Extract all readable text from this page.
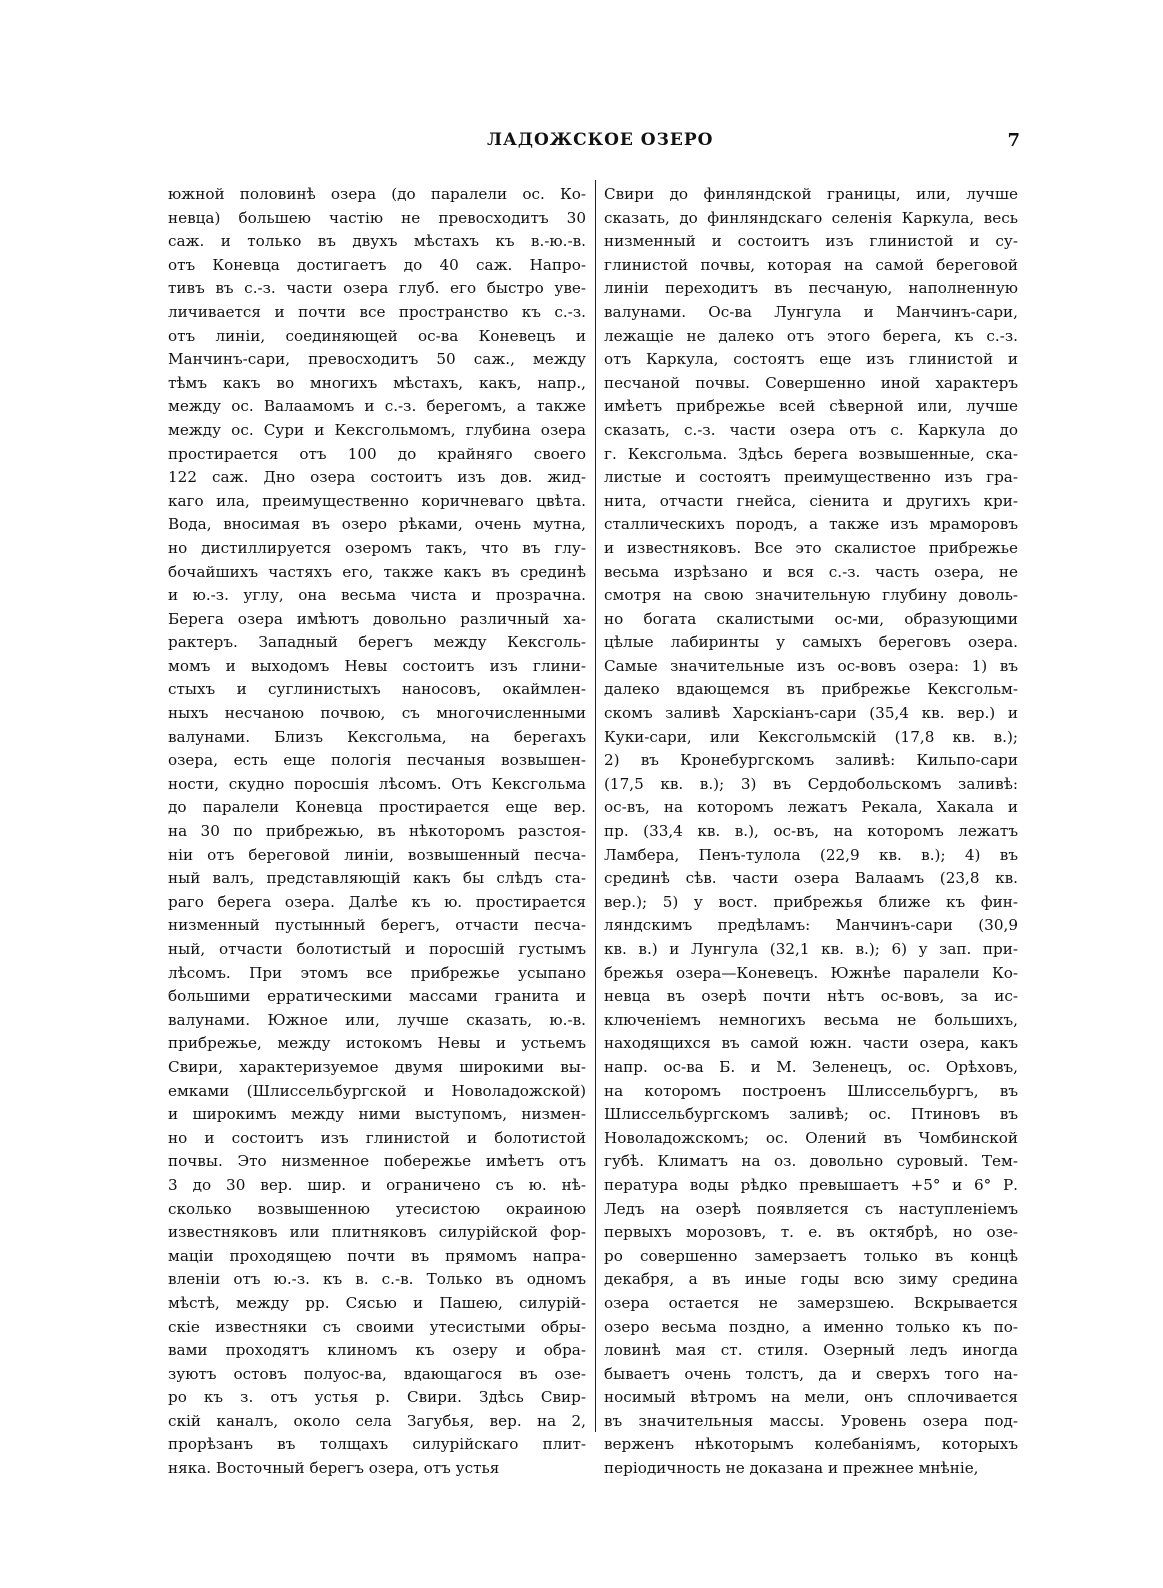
ЛАДОЖСКОЕ ОЗЕРО	7
южной половинѣ озера (до паралели ос. Ко-
невца) большею частію не превосходитъ 30
саж. и только въ двухъ мѣстахъ къ в.-ю.-в.
отъ Коневца достигаетъ до 40 саж. Напро-
тивъ въ с.-з. части озера глуб. его быстро уве-
личивается и почти все пространство къ с.-з.
отъ линіи, соединяющей ос-ва Коневецъ и
Манчинъ-сари, превосходитъ 50 саж., между
тѣмъ какъ во многихъ мѣстахъ, какъ, напр.,
между ос. Валаамомъ и с.-з. берегомъ, а также
между ос. Сури и Кексгольмомъ, глубина озера
простирается отъ 100 до крайняго своего
122 саж. Дно озера состоитъ изъ дов. жид-
каго ила, преимущественно коричневаго цвѣта.
Вода, вносимая въ озеро рѣками, очень мутна,
но дистиллируется озеромъ такъ, что въ глу-
бочайшихъ частяхъ его, также какъ въ срединѣ
и ю.-з. углу, она весьма чиста и прозрачна.
Берега озера имѣютъ довольно различный ха-
рактеръ. Западный берегъ между Кексголь-
момъ и выходомъ Невы состоитъ изъ глини-
стыхъ и суглинистыхъ наносовъ, окаймлен-
ныхъ несчаною почвою, съ многочисленными
валунами. Близъ Кексгольма, на берегахъ
озера, есть еще пологія песчаныя возвышен-
ности, скудно поросшія лѣсомъ. Отъ Кексгольма
до паралели Коневца простирается еще вер.
на 30 по прибрежью, въ нѣкоторомъ разстоя-
ніи отъ береговой линіи, возвышенный песча-
ный валъ, представляющій какъ бы слѣдъ ста-
раго берега озера. Далѣе къ ю. простирается
низменный пустынный берегъ, отчасти песча-
ный, отчасти болотистый и поросшій густымъ
лѣсомъ. При этомъ все прибрежье усыпано
большими ерратическими массами гранита и
валунами. Южное или, лучше сказать, ю.-в.
прибрежье, между истокомъ Невы и устьемъ
Свири, характеризуемое двумя широкими вы-
емками (Шлиссельбургской и Новоладожской)
и широкимъ между ними выступомъ, низмен-
но и состоитъ изъ глинистой и болотистой
почвы. Это низменное побережье имѣетъ отъ
3 до 30 вер. шир. и ограничено съ ю. нѣ-
сколько возвышенною утесистою окраиною
известняковъ или плитняковъ силурійской фор-
маціи проходящею почти въ прямомъ напра-
вленіи отъ ю.-з. къ в. с.-в. Только въ одномъ
мѣстѣ, между рр. Сясью и Пашею, силурій-
скіе известняки съ своими утесистыми обры-
вами проходятъ клиномъ къ озеру и обра-
зуютъ остовъ полуос-ва, вдающагося въ озе-
ро къ з. отъ устья р. Свири. Здѣсь Свир-
скій каналъ, около села Загубья, вер. на 2,
прорѣзанъ въ толщахъ силурійскаго плит-
няка. Восточный берегъ озера, отъ устья
Свири до финляндской границы, или, лучше
сказать, до финляндскаго селенія Каркула, весь
низменный и состоитъ изъ глинистой и су-
глинистой почвы, которая на самой береговой
линіи переходитъ въ песчаную, наполненную
валунами. Ос-ва Лунгула и Манчинъ-сари,
лежащіе не далеко отъ этого берега, къ с.-з.
отъ Каркула, состоятъ еще изъ глинистой и
песчаной почвы. Совершенно иной характеръ
имѣетъ прибрежье всей сѣверной или, лучше
сказать, с.-з. части озера отъ с. Каркула до
г. Кексгольма. Здѣсь берега возвышенные, ска-
листые и состоятъ преимущественно изъ гра-
нита, отчасти гнейса, сіенита и другихъ кри-
сталлическихъ породъ, а также изъ мраморовъ
и известняковъ. Все это скалистое прибрежье
весьма изрѣзано и вся с.-з. часть озера, не
смотря на свою значительную глубину доволь-
но богата скалистыми ос-ми, образующими
цѣлые лабиринты у самыхъ береговъ озера.
Самые значительные изъ ос-вовъ озера: 1) въ
далеко вдающемся въ прибрежье Кексгольм-
скомъ заливѣ Харскіанъ-сари (35,4 кв. вер.) и
Куки-сари, или Кексгольмскій (17,8 кв. в.);
2) въ Кронебургскомъ заливѣ: Кильпо-сари
(17,5 кв. в.); 3) въ Сердобольскомъ заливѣ:
ос-въ, на которомъ лежатъ Рекала, Хакала и
пр. (33,4 кв. в.), ос-въ, на которомъ лежатъ
Ламбера, Пенъ-тулола (22,9 кв. в.); 4) въ
срединѣ сѣв. части озера Валаамъ (23,8 кв.
вер.); 5) у вост. прибрежья ближе къ фин-
ляндскимъ предѣламъ: Манчинъ-сари (30,9
кв. в.) и Лунгула (32,1 кв. в.); 6) у зап. при-
брежья озера—Коневецъ. Южнѣе паралели Ко-
невца въ озерѣ почти нѣтъ ос-вовъ, за ис-
ключеніемъ немногихъ весьма не большихъ,
находящихся въ самой южн. части озера, какъ
напр. ос-ва Б. и М. Зеленецъ, ос. Орѣховъ,
на которомъ построенъ Шлиссельбургъ, въ
Шлиссельбургскомъ заливѣ; ос. Птиновъ въ
Новоладожскомъ; ос. Олений въ Чомбинской
губѣ. Климатъ на оз. довольно суровый. Тем-
пература воды рѣдко превышаетъ +5° и 6° Р.
Ледъ на озерѣ появляется съ наступленіемъ
первыхъ морозовъ, т. е. въ октябрѣ, но озе-
ро совершенно замерзаетъ только въ концѣ
декабря, а въ иные годы всю зиму средина
озера остается не замерзшею. Вскрывается
озеро весьма поздно, а именно только къ по-
ловинѣ мая ст. стиля. Озерный ледъ иногда
бываетъ очень толстъ, да и сверхъ того на-
носимый вѣтромъ на мели, онъ сплочивается
въ значительныя массы. Уровень озера под-
верженъ нѣкоторымъ колебаніямъ, которыхъ
періодичность не доказана и прежнее мнѣніе,
